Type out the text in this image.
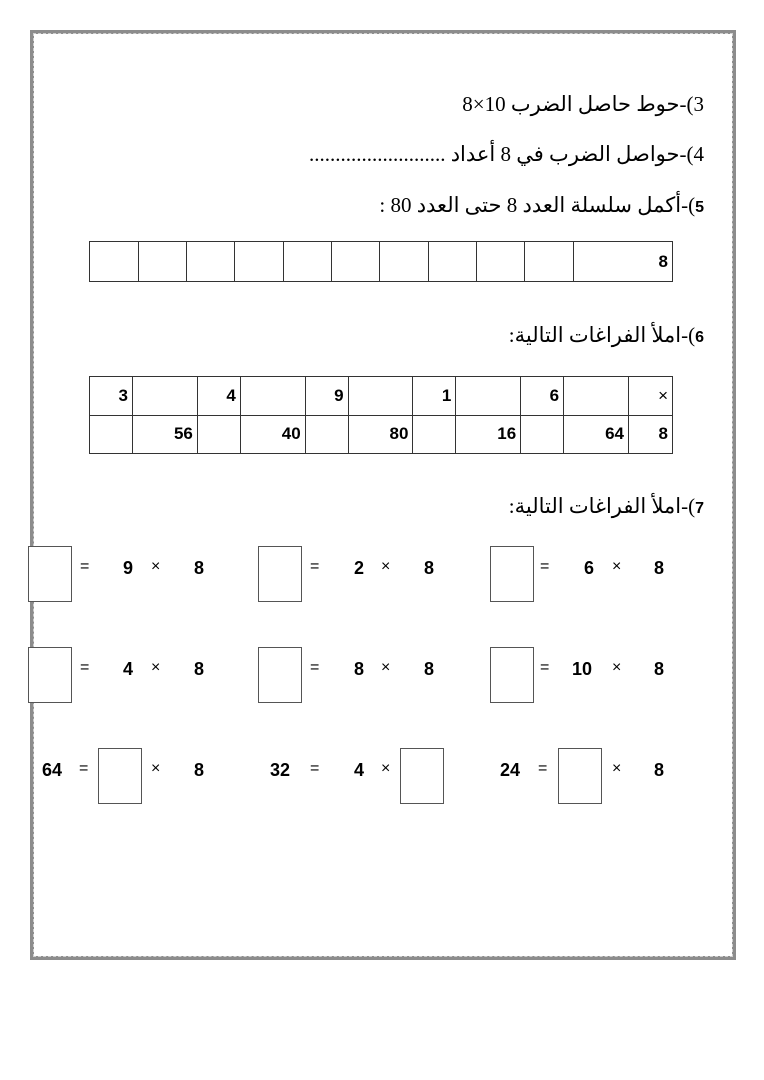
3)-حوط حاصل الضرب 10×8
4)-حواصل الضرب في 8 أعداد ..........................
5)-أكمل سلسلة العدد 8 حتى العدد 80 :
8										
6)-املأ الفراغات التالية:
×		6		1		9		4		3
8	64		16		80		40		56	
7)-املأ الفراغات التالية:
8
×
6
=
8
×
2
=
8
×
9
=
8
×
10
=
8
×
8
=
8
×
4
=
8
×
=
24
×
4
=
32
8
×
=
64
